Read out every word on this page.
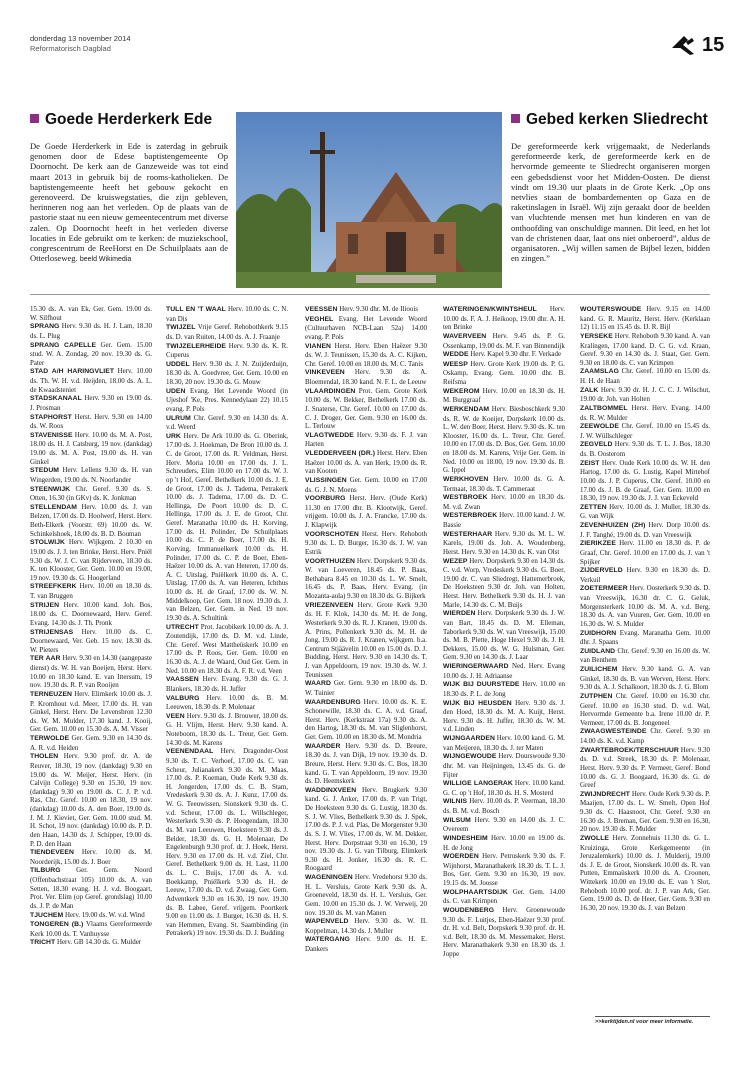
donderdag 13 november 2014
Reformatorisch Dagblad	15
Goede Herderkerk Ede
De Goede Herderkerk in Ede is zaterdag in gebruik genomen door de Edese baptistengemeente Op Doornocht. De kerk aan de Ganzeweide was tot eind maart 2013 in gebruik bij de rooms-katholieken. De baptistengemeente heeft het gebouw gekocht en gerenoveerd. De kruiswegstaties, die zijn gebleven, herinneren nog aan het verleden. Op de plaats van de pastorie staat nu een nieuw gemeentecentrum met diverse zalen. Op Doornocht heeft in het verleden diverse locaties in Ede gebruikt om te kerken: de muziekschool, congrescentrum de ReeHorst en De Schuilplaats aan de Otterloseweg. beeld Wikimedia
Gebed kerken Sliedrecht
De gereformeerde kerk vrijgemaakt, de Nederlands gereformeerde kerk, de gereformeerde kerk en de hervormde gemeente te Sliedrecht organiseren morgen een gebedsdienst voor het Midden-Oosten. De dienst vindt om 19.30 uur plaats in de Grote Kerk. „Op ons netvlies staan de bombardementen op Gaza en de raketinslagen in Israël. Wij zijn geraakt door de beelden van vluchtende mensen met hun kinderen en van de onthoofding van onschuldige mannen. Dit leed, en het lot van de christenen daar, laat ons niet onberoerd”, aldus de organisatoren. „Wij willen samen de Bijbel lezen, bidden en zingen.”
15.30 ds. A. van Ek, Ger. Gem. 19.00 ds. W. Silfhout
SPRANG Herv. 9.30 ds. H. J. Lam, 18.30 ds. L. Plug
SPRANG CAPELLE Ger. Gem. 15.00 stud. W. A. Zondag, 20 nov. 19.30 ds. G. Pater
STAD A/H HARINGVLIET Herv. 10.00 ds. Th. W. H. v.d. Heijden, 18.00 ds. A. L. de Kwaadsteniet
STADSKANAAL Herv. 9.30 en 19.00 ds. J. Prosman
STAPHORST Herst. Herv. 9.30 en 14.00 ds. W. Roos
STAVENISSE Herv. 10.00 ds. M. A. Post, 18.00 ds. H. J. Catsburg, 19 nov. (dankdag) 19.00 ds. M. A. Post, 19.00 ds. H. van Ginkel
STEDUM Herv. Lellens 9.30 ds. H. van Wingerden, 19.00 ds. N. Noorlander
STEENWIJK Chr. Geref. 9.30 ds. S. Otten, 16.30 (in GKv) ds. K. Jonkman
STELLENDAM Herv. 10.00 ds. J. van Belzen, 17.00 ds. D. Hoolwerf, Herst. Herv. Beth-Elkerk (Voorstr. 69) 10.00 ds. W. Schinkelshoek, 18.00 ds. B. D. Bouman
STOLWIJK Herv. Wijkgem. 2 10.30 en 19.00 ds. J. J. ten Brinke, Herst. Herv. Pniël 9.30 ds. W. J. C. van Rijderveen, 18.30 ds. K. ten Klooster, Ger. Gem. 10.00 en 19.00, 19 nov. 19.30 ds. G. Hoogerland
STREEFKERK Herv. 10.00 en 18.30 ds. T. van Bruggen
STRIJEN Herv. 10.00 kand. Joh. Bos, 18.00 ds. C. Doornewaard, Herv. Geref. Evang. 14.30 ds. J. Th. Pronk
STRIJENSAS Herv. 10.00 ds. C. Doornewaard, Ver. Geb. 15 nov. 18.30 ds. W. Pieters
TER AAR Herv. 9.30 en 14.30 (aangepaste dienst) ds. W. H. van Boeijen, Herst. Herv. 10.00 en 18.30 kand. E. van Ittersum, 19 nov. 19.30 ds. R. P. van Rooijen
TERNEUZEN Herv. Elimkerk 10.00 ds. J. P. Kromhout v.d. Meer, 17.00 ds. H. van Ginkel, Herst. Herv. De Levensbron 12.30 ds. W. M. Mulder, 17.30 kand. J. Kooij, Ger. Gem. 10.00 en 15.30 ds. A. M. Visser
TERWOLDE Ger. Gem. 9.30 en 14.30 ds. A. R. v.d. Heiden
THOLEN Herv. 9.30 prof. dr. A. de Reuver, 18.30, 19 nov. (dankdag) 9.30 en 19.00 ds. W. Meijer, Herst. Herv. (in Calvijn College) 9.30 en 15.30, 19 nov. (dankdag) 9.30 en 19.00 ds. C. J. P. v.d. Ras, Chr. Geref. 10.00 en 18.30, 19 nov. (dankdag) 10.00 ds. A. den Boer, 19.00 ds. J. M. J. Kieviet, Ger. Gem. 10.00 stud. M. H. Schot, 19 nov. (dankdag) 10.00 ds. P. D. den Haan, 14.30 ds. J. Schipper, 19.00 ds. P. D. den Haan
TIENDEVEEN Herv. 10.00 ds. M. Noorderijk, 15.00 ds. J. Boer
TILBURG Ger. Gem. Noord (Offenbachstraat 105) 10.00 ds. A. van Setten, 18.30 evang. H. J. v.d. Boogaart, Prot. Ver. Elim (op Geref. grondslag) 10.00 ds. J. P. de Man
TJUCHEM Herv. 19.00 ds. W. v.d. Wind
TONGEREN (B.) Vlaams Gereformeerde Kerk 10.00 ds. T. Vanhuysse
TRICHT Herv. GB 14.30 ds. G. Mulder
TULL EN 'T WAAL Herv. 10.00 ds. C. N. van Dis
TWIJZEL Vrije Geref. Rehobothkerk 9.15 ds. D. van Ruiten, 14.00 ds. A. J. Fraanje
TWIJZELERHEIDE Herv. 9.30 ds. K. R. Cuperus
UDDEL Herv. 9.30 ds. J. N. Zuijderduijn, 18.30 ds. A. Goedvree, Ger. Gem. 10.00 en 18.30, 20 nov. 19.30 ds. G. Mouw
UDEN Evang. Het Levende Woord (in Ujeshof 'Ke, Pres. Kennedylaan 22) 10.15 evang. P. Pols
ULRUM Chr. Geref. 9.30 en 14.30 ds. A. v.d. Weerd
URK Herv. De Ark 10.00 ds. G. Oberink, 17.00 ds. J. Hoekman, De Bron 10.00 ds. J. C. de Groot, 17.00 ds. R. Veldman, Herst. Herv. Moria 10.00 en 17.00 ds. J. L. Schreuders, Elim 10.00 en 17.00 ds. W. J. op 't Hof, Geref. Bethelkerk 10.00 ds. J. E. de Groot, 17.00 ds. J. Tadema, Petrakerk 10.00 ds. J. Tadema, 17.00 ds. D. C. Hellinga, De Poort 10.00 ds. D. C. Hellinga, 17.00 ds. J. E. de Groot, Chr. Geref. Maranatha 10.00 ds. H. Korving, 17.00 ds. H. Polinder, De Schuilplaats 10.00 ds. C. P. de Boer, 17.00 ds. H. Korving, Immanuelkerk 10.00 ds. H. Polinder, 17.00 ds. C. P. de Boer, Eben-Haëzer 10.00 ds. A. van Heteren, 17.00 ds. A. C. Uitslag, Pniëlkerk 10.00 ds. A. C. Uitslag, 17.00 ds. A. van Heteren, Ichthus 10.00 ds. H. de Graaf, 17.00 ds. W. N. Middelkoop, Ger. Gem. 18 nov. 19.30 ds. J. van Belzen, Ger. Gem. in Ned. 19 nov. 19.30 ds. A. Schultink
UTRECHT Prot. Jacobikerk 10.00 ds. A. J. Zoutendijk, 17.00 ds. D. M. v.d. Linde, Chr. Geref. West Mattheüskerk 10.00 en 17.00 ds. P. Roos, Ger. Gem. 10.00 en 16.30 ds. A. J. de Waard, Oud Ger. Gem. in Ned. 10.00 en 18.30 ds. A. F. R. v.d. Veen
VAASSEN Herv. Evang. 9.30 ds. G. J. Blankers, 18.30 ds. H. Juffer
VALBURG Herv. 10.00 ds. B. M. Leeuwen, 18.30 ds. P. Molenaar
VEEN Herv. 9.30 ds. J. Brouwer, 18.00 ds. G. H. Vlijm, Herst. Herv. 9.30 kand. A. Noteboom, 18.30 ds. L. Treur, Ger. Gem. 14.30 ds. M. Karens
VEENENDAAL Herv. Dragonder-Oost 9.30 ds. T. C. Verhoef, 17.00 ds. C. van Scheur, Julianakerk 9.30 ds. M. Maas, 17.00 ds. P. Koeman, Oude Kerk 9.30 ds. H. Jongerden, 17.00 ds. C. B. Stam, Vredeskerk 9.30 ds. A. J. Kunz, 17.00 ds. W. G. Teeuwissen, Sionskerk 9.30 ds. C. v.d. Scheur, 17.00 ds. L. Willschleger, Westerkerk 9.30 ds. P. Hoogendam, 18.30 ds. M. van Leeuwen, Hoeksteen 9.30 ds. J. Belder, 18.30 ds. G. H. Molenaar, De Engelenburgh 9.30 prof. dr. J. Hoek, Herst. Herv. 9.30 en 17.00 ds. H. v.d. Ziel, Chr. Geref. Bethelkerk 9.00 ds. H. Last, 11.00 ds. L. C. Buijs, 17.00 ds. A. v.d. Boekkamp, Pniëlkerk 9.30 ds. H. de Leeuw, 17.00 ds. D. v.d. Zwaag, Ger. Gem. Adventkerk 9.30 en 16.30, 19 nov. 19.30 ds. B. Labee, Geref. vrijgem. Poortkerk 9.00 en 11.00 ds. J. Burger, 16.30 ds. H. S. van Hemmen, Evang. St. Saambinding (in Petrakerk) 19 nov. 19.30 ds. D. J. Budding
VEESSEN Herv. 9.30 dhr. M. de Ilioois
VEGHEL Evang. Het Levende Woord (Cultuurhaven NCB-Laan 52a) 14.00 evang. P. Pols
VIANEN Herst. Herv. Eben Haëzer 9.30 ds. W. J. Teunissen, 15.30 ds. A. C. Kijken, Chr. Geref. 10.00 en 18.00 ds. M. C. Tanis
VINKEVEEN Herv. 9.30 ds. A. Bloemendal, 18.30 kand. N. F. L. de Leeuw
VLAARDINGEN Prot. Gem. Grote Kerk 10.00 ds. W. Bekker, Bethelkerk 17.00 ds. J. Snaterse, Chr. Geref. 10.00 en 17.00 ds. C. J. Droger, Ger. Gem. 9.30 en 16.00 ds. L. Terlouw
VLAGTWEDDE Herv. 9.30 ds. F. J. van Harten
VLEDDERVEEN (DR.) Herst. Herv. Eben Haëzer 10.00 ds. A. van Herk, 19.00 ds. R. van Kooten
VLISSINGEN Ger. Gem. 10.00 en 17.00 ds. G. J. N. Moens
VOORBURG Herst. Herv. (Oude Kerk) 11.30 en 17.00 dhr. B. Klootwijk, Geref. vrijgem. 10.00 ds. J. A. Francke, 17.00 ds. J. Klapwijk
VOORSCHOTEN Herst. Herv. Rehoboth 9.30 ds. L. D. Burger, 16.30 ds. J. W. van Estrik
VOORTHUIZEN Herv. Dorpskerk 9.30 ds. W. van Loeveren, 18.45 ds. P. Baas, Bethabara 8.45 en 10.30 ds. L. W. Smelt, 16.45 ds. P. Baas, Herv. Evang. (in Mozanta-aula) 9.30 en 18.30 ds. G. Bijkerk
VRIEZENVEEN Herv. Grote Kerk 9.30 ds. H. F. Klok, 14.30 ds. M. H. de Jong, Westerkerk 9.30 ds. R. J. Kranen, 19.00 ds. A. Prins, Pollenkerk 9.30 ds. M. H. de Jong, 19.00 ds. R. J. Kranen, wijkgem. b.a. Centrum Stjäävelin 10.00 en 15.00 ds. D. J. Budding, Herst. Herv. 9.30 en 14.30 ds. T. J. van Appeldoorn, 19 nov. 19.30 ds. W. J. Teunissen
WAARD Ger. Gem. 9.30 en 18.00 ds. D. W. Tuinier
WAARDENBURG Herv. 10.00 ds. K. E. Schonewille, 18.30 ds. C. A. v.d. Graaf, Herst. Herv. (Kerkstraat 17a) 9.30 ds. A. den Hartog, 18.30 ds. M. van Sliglenhorst, Ger. Gem. 10.00 en 18.30 ds. M. Mondria
WAARDER Herv. 9.30 ds. D. Breure, 18.30 ds. J. van Dijk, 19 nov. 19.30 ds. D. Breure, Herst. Herv. 9.30 ds. C. Bos, 18.30 kand. G. T. van Appeldoorn, 19 nov. 19.30 ds. D. Heemskerk
WADDINXVEEN Herv. Brugkerk 9.30 kand. G. J. Anker, 17.00 ds. P. van Trigt, De Hoeksteen 9.30 ds. G. Lustig, 18.30 ds. S. J. W. Vlies, Bethelkerk 9.30 ds. J. Spek, 17.00 ds. P. J. v.d. Plas, De Morgenster 9.30 ds. S. J. W. Vlies, 17.00 ds. W. M. Dekker, Herst. Herv. Dorpstraat 9.30 en 16.30, 19 nov. 19.30 ds. J. G. van Tilburg, Elimkerk 9.30 ds. H. Jonker, 16.30 ds. R. C. Roogaard
WAGENINGEN Herv. Vredehorst 9.30 ds. H. L. Versluis, Grote Kerk 9.30 ds. A. Groeneveld, 18.30 ds. H. L. Versluis, Ger. Gem. 10.00 en 15.30 ds. J. W. Verweij, 20 nov. 19.30 ds. M. van Manen
WAPENVELD Herv. 9.30 ds. W. II. Koppelman, 14.30 ds. J. Muller
WATERGANG Herv. 9.00 ds. H. E. Dankers
WATERINGEN/KWINTSHEUL Herv. 10.00 ds. F. A. J. Heikoop, 19.00 dhr. A. H. ten Brinke
WAVERVEEN Herv. 9.45 ds. P. G. Ossenkamp, 19.00 ds. M. F. van Binnendijk
WEDDE Herv. Kapel 9.30 dhr. F. Verkade
WEESP Herv. Grote Kerk 19.00 ds. P. G. Oskamp, Evang. Gem. 10.00 dhr. B. Reifsma
WEKEROM Herv. 10.00 en 18.30 ds. H. M. Burggraaf
WERKENDAM Herv. Biesboschkerk 9.30 ds. R. W. de Koeijer, Dorpskerk 10.00 ds. L. W. den Boer, Herst. Herv. 9.30 ds. K. ten Klooster, 16.00 ds. L. Treur, Chr. Geref. 10.00 en 17.00 ds. D. Bos, Ger. Gem. 10.00 en 18.00 ds. M. Karens, Vrije Ger. Gem. in Ned. 10.00 en 18.00, 19 nov. 19.30 ds. B. G. Ippel
WERKHOVEN Herv. 10.00 ds. G. A. Termaat, 18.30 ds. T. Cammeraat
WESTBROEK Herv. 10.00 en 18.30 ds. M. v.d. Zwan
WESTERBROEK Herv. 10.00 kand. J. W. Bassie
WESTERHAAR Herv. 9.30 ds. M. L. W. Karels, 19.00 ds. Joh. A. Woudenberg, Herst. Herv. 9.30 en 14.30 ds. K. van Olst
WEZEP Herv. Dorpskerk 9.30 en 14.30 ds. C. v.d. Worp, Vredeskerk 9.30 ds. G. Boer, 19.00 dr. C. van Sliedregt, Hattemerbroek, De Hoeksteen 9.30 dr. Joh. van Holten, Herst. Herv. Bethelkerk 9.30 ds. H. J. van Marle, 14.30 ds. C. M. Buijs
WIERDEN Herv. Dorpskerk 9.30 ds. J. W. van Bart, 18.45 ds. D. M. Elleman, Taborkerk 9.30 ds. W. van Vreeswijk, 15.00 ds. M. B. Plette, Hoge Hexel 9.30 ds. J. H. Dekkers, 15.00 ds. W. G. Hulsman, Ger. Gem. 9.30 en 14.30 ds. J. Laar
WIERINGERWAARD Ned. Herv. Evang 10.00 ds. J. H. Adriaanse
WIJK BIJ DUURSTEDE Herv. 10.00 en 18.30 ds. P. L. de Jong
WIJK BIJ HEUSDEN Herv. 9.30 ds. J. den Hoed, 18.30 ds. M. A. Kuijt, Herst. Herv. 9.30 ds. H. Juffer, 18.30 ds. W. M. v.d. Linden
WIJNGAARDEN Herv. 10.00 kand. G. M. van Meijeren, 18.30 ds. J. ter Maten
WIJNGEWOUDE Herv. Duurswoude 9.30 dhr. M. van Heijningen, 13.45 ds. G. de Fijter
WILLIGE LANGERAK Herv. 10.00 kand. G. C. op 't Hof, 18.30 ds. H. S. Mosterd
WILNIS Herv. 10.00 ds. P. Veerman, 18.30 ds. B. M. v.d. Bosch
WILSUM Herv. 9.30 en 14.00 ds. J. C. Overeem
WINDESHEIM Herv. 10.00 en 19.00 ds. H. de Jong
WOERDEN Herv. Petruskerk 9.30 ds. F. Wijnhorst, Maranathakerk 18.30 ds. T. L. J. Bos, Ger. Gem. 9.30 en 16.30, 19 nov. 19.15 ds. M. Joosse
WOLPHAARTSDIJK Ger. Gem. 14.00 ds. C. van Krimpen
WOUDENBERG Herv. Groenewoude 9.30 ds. F. Luitjes, Eben-Haëzer 9.30 prof. dr. H. v.d. Belt, Dorpskerk 9.30 prof. dr. H. v.d. Belt, 18.30 ds. M. Messemaker, Herst. Herv. Maranathakerk 9.30 en 18.30 ds. J. Joppe
WOUTERSWOUDE Herv. 9.15 en 14.00 kand. G. R. Mauritz, Herst. Herv. (Kerklaan 12) 11.15 en 15.45 ds. IJ. R. Bijl
YERSEKE Herv. Rehoboth 9.30 kand. A. van Kralingen, 17.00 kand. D. C. G. v.d. Kraan, Geref. 9.30 en 14.30 ds. J. Staat, Ger. Gem. 9.30 en 18.00 ds. C. van Krimpen
ZAAMSLAG Chr. Geref. 10.00 en 15.00 ds. H. H. de Haan
ZALK Herv. 9.30 dr. H. J. C. C. J. Wilschut, 19.00 dr. Joh. van Holten
ZALTBOMMEL Herst. Herv. Evang. 14.00 ds. R. W. Mulder
ZEEWOLDE Chr. Geref. 10.00 en 15.45 ds. J. W. Wüllschleger
ZEGVELD Herv. 9.30 ds. T. L. J. Bos, 18.30 ds. B. Oosterom
ZEIST Herv. Oude Kerk 10.00 ds. W. H. den Hartog, 17.00 ds. G. Lustig, Kapel Mirtehof 10.00 ds. J. P. Cuperus, Chr. Geref. 10.00 en 17.00 ds. J. B. de Graaf, Ger. Gem. 10.00 en 18.30, 19 nov. 19.30 ds. J. J. van Eckeveld
ZETTEN Herv. 10.00 ds. J. Muller, 18.30 ds. G. van Wijk
ZEVENHUIZEN (ZH) Herv. Dorp 10.00 ds. J. F. Tanghé, 19.00 ds. D. van Vreeswijk
ZIERIKZEE Herv. 11.00 en 18.30 ds. P. de Graaf, Chr. Geref. 10.00 en 17.00 ds. J. van 't Spijker
ZIJDERVELD Herv. 9.30 en 18.30 ds. D. Verkuil
ZOETERMEER Herv. Oosterkerk 9.30 ds. D. van Vreeswijk, 16.30 dr. C. G. Geluk, Morgensterkerk 10.00 ds. M. A. v.d. Berg, 18.30 ds. A. van Vuuren, Ger. Gem. 10.00 en 16.30 ds. W. S. Mulder
ZUIDHORN Evang. Maranatha Gem. 10.00 dhr. J. Spaans
ZUIDLAND Chr. Geref. 9.30 en 16.00 ds. W. van Benthem
ZUILICHEM Herv. 9.30 kand. G. A. van Ginkel, 18.30 ds. B. van Werven, Herst. Herv. 9.30 ds. A. J. Schalkoort, 18.30 ds. J. G. Blom
ZUTPHEN Chr. Geref. 10.00 en 16.30 chr. Geref. 10.00 en 16.30 stud. D. v.d. Wal, Hervormde Gemeente b.a. Irene 10.00 dr. P. Vermeer, 17.00 ds. B. Jongeneel
ZWAAGWESTEINDE Chr. Geref. 9.30 en 14.00 ds. K. v.d. Kamp
ZWARTEBROEK/TERSCHUUR Herv. 9.30 ds. D. v.d. Streek, 18.30 ds. P. Molenaar, Herst. Herv. 9.30 ds. P. Vermeer, Geref. Bond 10.00 ds. G. J. Boogaard, 16.30 ds. G. de Greef
ZWIJNDRECHT Herv. Oude Kerk 9.30 ds. P. Maaijen, 17.00 ds. L. W. Smelt, Open Hof 9.30 ds. C. Haasnoot, Chr. Geref. 9.30 en 16.30 ds. J. Breman, Ger. Gem. 9.30 en 16.30, 20 nov. 19.30 ds. F. Mulder
ZWOLLE Herv. Zonnehuis 11.30 ds. G. L. Kruizinga, Grote Kerkgemeente (in Jeruzalemkerk) 10.00 ds. J. Mulderij, 19.00 ds. J. E. de Groot, Sionskerk 10.00 ds. R. van Putten, Emmaüskerk 10.00 ds. A. Croonen, Wittekerk 10.00 en 19.00 ds. E. van 't Slot, Rehoboth 10.00 prof. dr. J. P. van Ark, Ger. Gem. 19.00 ds. D. de Heer, Ger. Gem. 9.30 en 16.30, 20 nov. 19.30 ds. J. van Belzen
>>kerktijden.nl voor meer informatie.
